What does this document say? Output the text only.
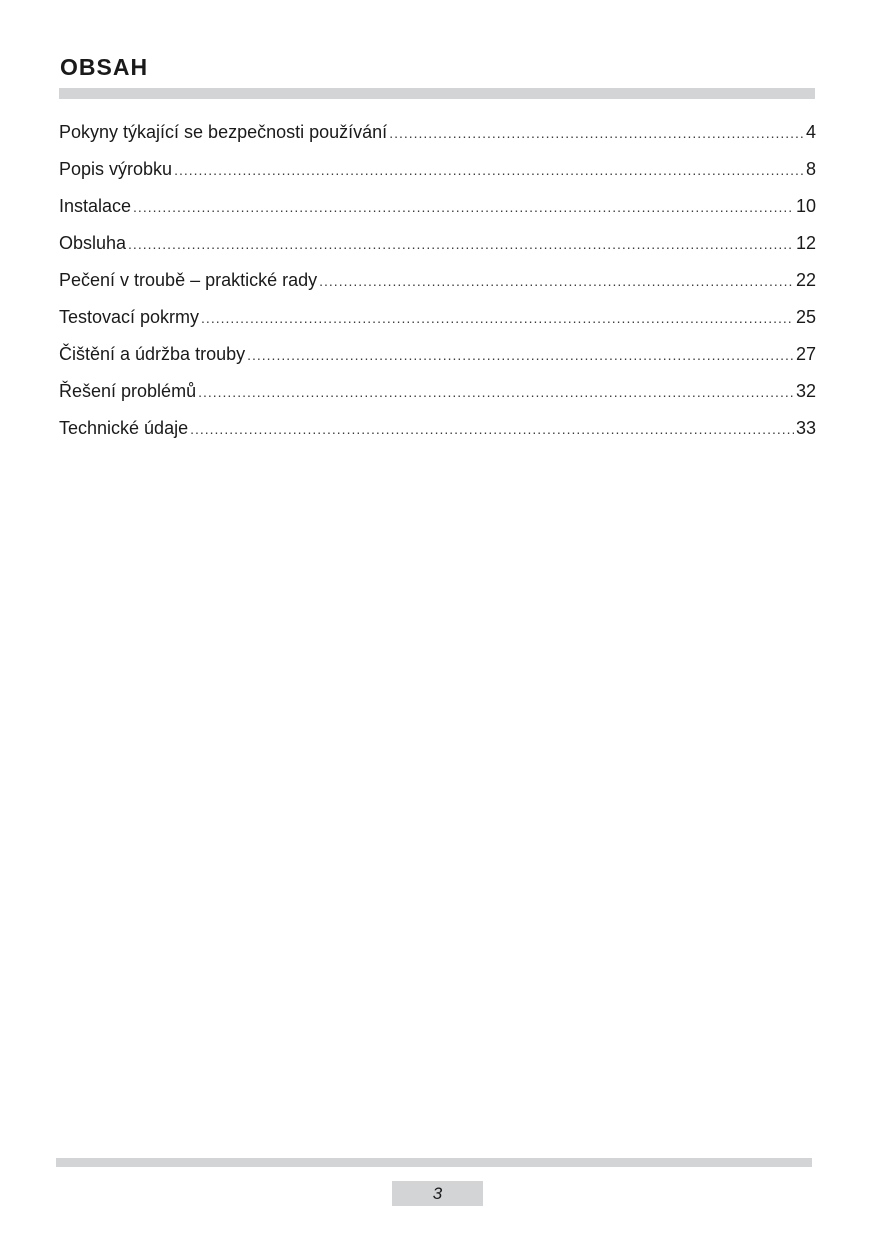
OBSAH
Pokyny týkající se bezpečnosti používání .....	4
Popis výrobku .....	8
Instalace .....	10
Obsluha .....	12
Pečení v troubě – praktické rady .....	22
Testovací pokrmy .....	25
Čištění a údržba trouby .....	27
Řešení problémů .....	32
Technické údaje .....	33
3
